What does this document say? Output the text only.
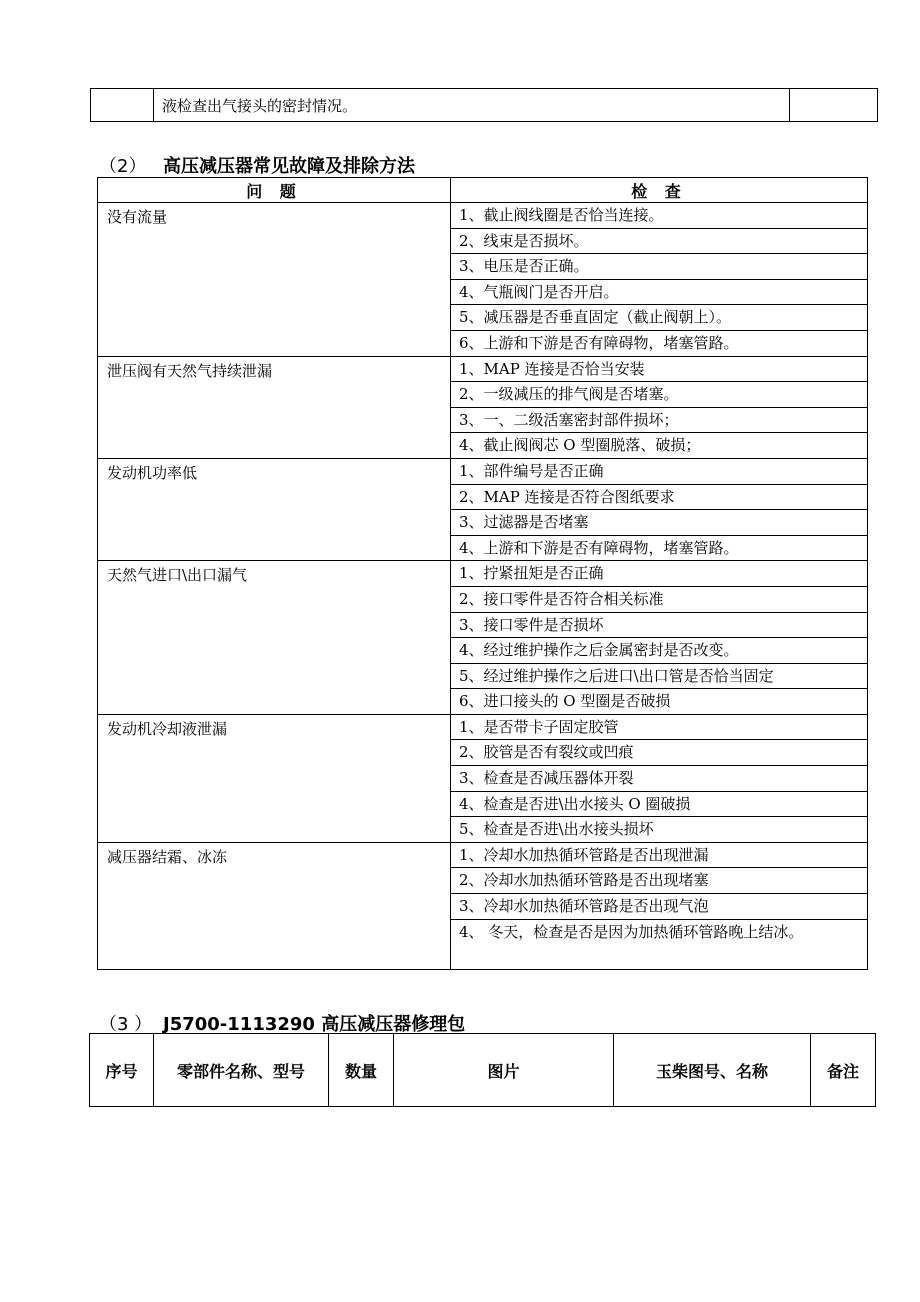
	液检查出气接头的密封情况。	
（2） 高压减压器常见故障及排除方法
问 题	检 查
没有流量	1、截止阀线圈是否恰当连接。
	2、线束是否损坏。
	3、电压是否正确。
	4、气瓶阀门是否开启。
	5、减压器是否垂直固定（截止阀朝上）。
	6、上游和下游是否有障碍物，堵塞管路。
泄压阀有天然气持续泄漏	1、MAP 连接是否恰当安装
	2、一级减压的排气阀是否堵塞。
	3、一、二级活塞密封部件损坏；
	4、截止阀阀芯 O 型圈脱落、破损；
发动机功率低	1、部件编号是否正确
	2、MAP 连接是否符合图纸要求
	3、过滤器是否堵塞
	4、上游和下游是否有障碍物，堵塞管路。
天然气进口\出口漏气	1、拧紧扭矩是否正确
	2、接口零件是否符合相关标准
	3、接口零件是否损坏
	4、经过维护操作之后金属密封是否改变。
	5、经过维护操作之后进口\出口管是否恰当固定
	6、进口接头的 O 型圈是否破损
发动机冷却液泄漏	1、是否带卡子固定胶管
	2、胶管是否有裂纹或凹痕
	3、检查是否减压器体开裂
	4、检查是否进\出水接头 O 圈破损
	5、检查是否进\出水接头损坏
减压器结霜、冰冻	1、冷却水加热循环管路是否出现泄漏
	2、冷却水加热循环管路是否出现堵塞
	3、冷却水加热循环管路是否出现气泡
	4、 冬天，检查是否是因为加热循环管路晚上结冰。
（3 ） J5700-1113290 高压减压器修理包
序号	零部件名称、型号	数量	图片	玉柴图号、名称	备注
